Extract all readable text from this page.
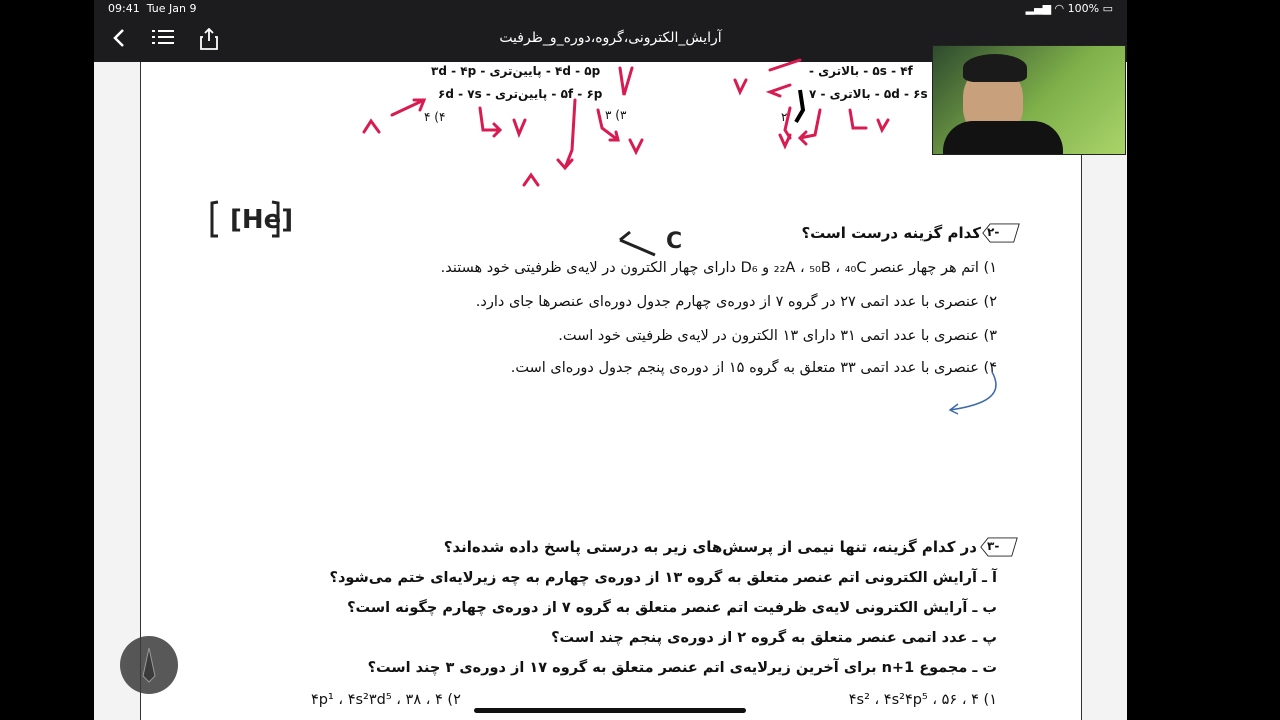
09:41 Tue Jan 9	▂▄▆ ◠ 100% ▭
آرایش_الکترونی،گروه،دوره_و_ظرفیت
۴d - ۵p - پایین‌تری - ۳d - ۴p
۵f - ۶p - پایین‌تری - ۶d - ۷s
۵s - ۴f - بالاتری -
۵d - ۶s - بالاتری - ۷
۴) ۴	۳) ۳	۲
-۲
کدام گزینه درست است؟
۱) اتم هر چهار عنصر ‌‌₂₂A ، ₅₀B ، ₄₀C و D₆ دارای چهار الکترون در لایه‌ی ظرفیتی خود هستند.
۲) عنصری با عدد اتمی ۲۷ در گروه ۷ از دوره‌ی چهارم جدول دوره‌ای عنصرها جای دارد.
۳) عنصری با عدد اتمی ۳۱ دارای ۱۳ الکترون در لایه‌ی ظرفیتی خود است.
۴) عنصری با عدد اتمی ۳۳ متعلق به گروه ۱۵ از دوره‌ی پنجم جدول دوره‌ای است.
-۳
در کدام گزینه، تنها نیمی از پرسش‌های زیر به درستی پاسخ داده شده‌اند؟
آ ـ آرایش الکترونی اتم عنصر متعلق به گروه ۱۳ از دوره‌ی چهارم به چه زیرلایه‌ای ختم می‌شود؟
ب ـ آرایش الکترونی لایه‌ی ظرفیت اتم عنصر متعلق به گروه ۷ از دوره‌ی چهارم چگونه است؟
پ ـ عدد اتمی عنصر متعلق به گروه ۲ از دوره‌ی پنجم چند است؟
ت ـ مجموع n+1 برای آخرین زیرلایه‌ی اتم عنصر متعلق به گروه ۱۷ از دوره‌ی ۳ چند است؟
۱) ۴s² ، ۴s²۴p⁵ ، ۵۶ ، ۴
۲) ۴p¹ ، ۴s²۳d⁵ ، ۳۸ ، ۴
[He]
C
